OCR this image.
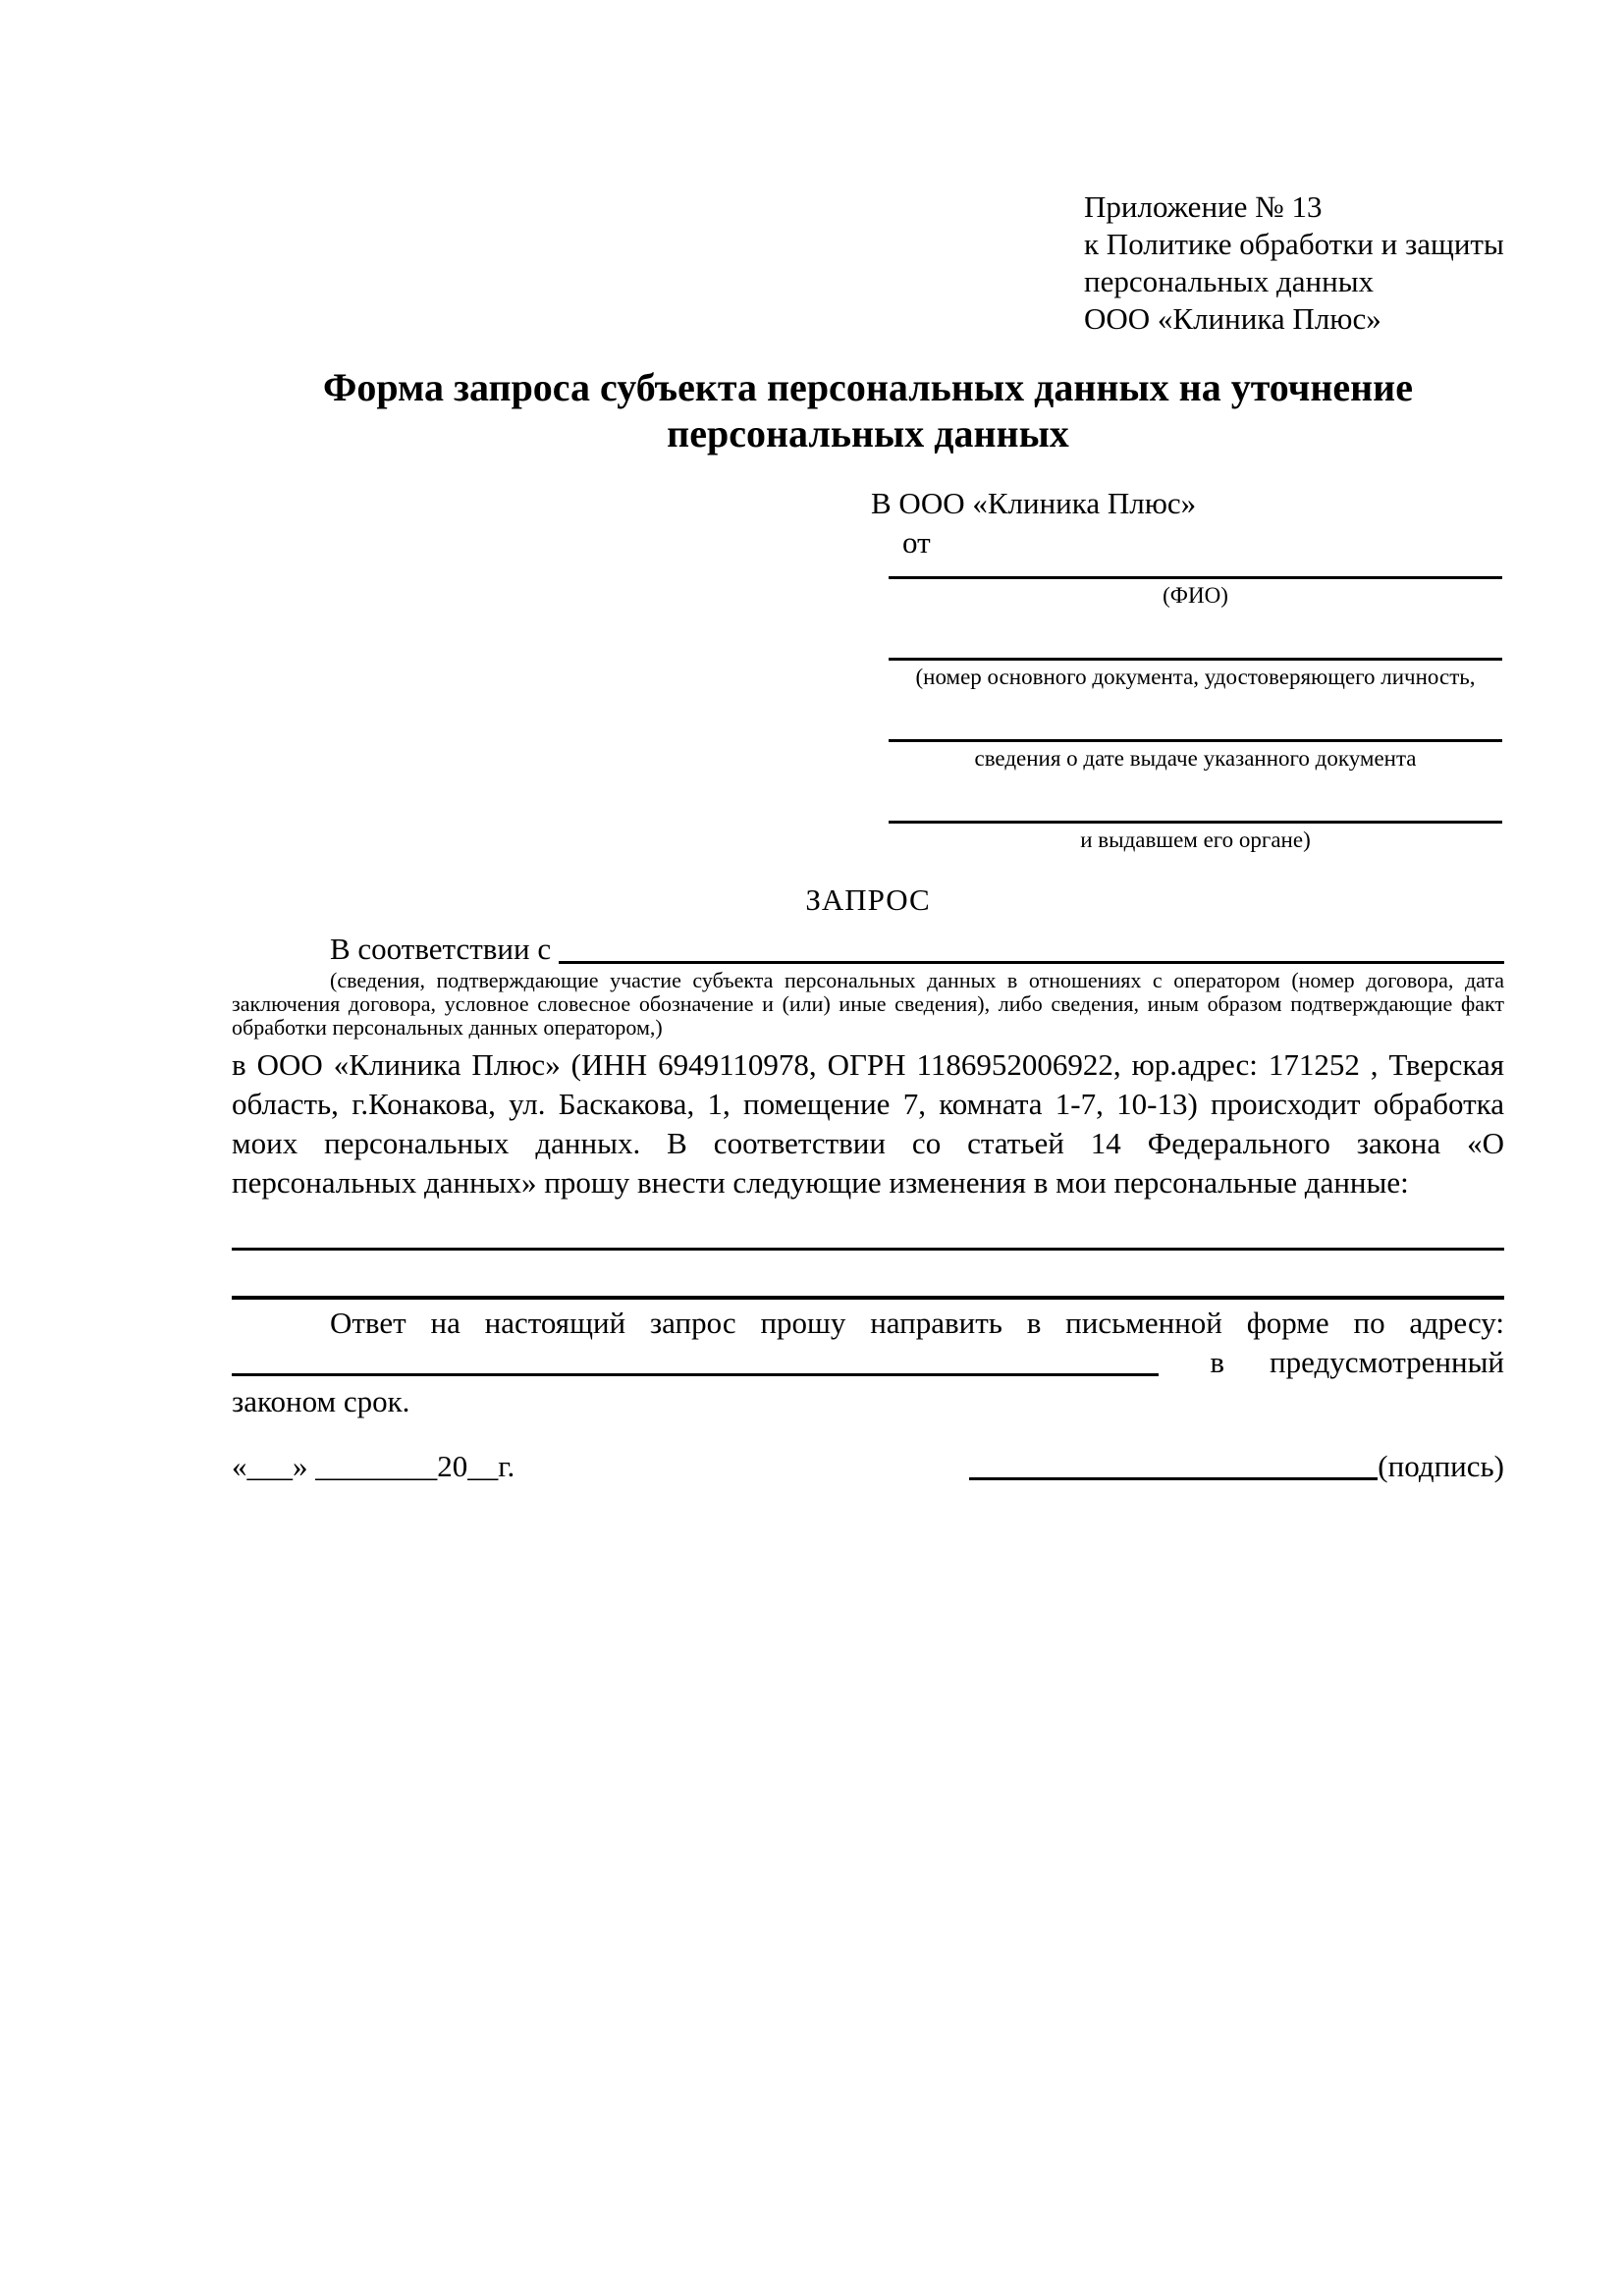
Приложение № 13
к Политике обработки и защиты
персональных данных
ООО «Клиника Плюс»
Форма запроса субъекта персональных данных на уточнение
персональных данных
В ООО «Клиника Плюс»
от
(ФИО)
(номер основного документа, удостоверяющего личность,
сведения о дате выдаче указанного документа
и выдавшем его органе)
ЗАПРОС
В соответствии с
(сведения, подтверждающие участие субъекта персональных данных в отношениях с оператором (номер договора, дата заключения договора, условное словесное обозначение и (или) иные сведения), либо сведения, иным образом подтверждающие факт обработки персональных данных оператором,)
в ООО «Клиника Плюс» (ИНН 6949110978, ОГРН 1186952006922, юр.адрес: 171252 , Тверская область, г.Конакова, ул. Баскакова, 1, помещение 7, комната 1-7, 10-13) происходит обработка моих персональных данных. В соответствии со статьей 14 Федерального закона «О персональных данных» прошу внести следующие изменения в мои персональные данные:
Ответ на настоящий запрос прошу направить в письменной форме по адресу:
в предусмотренный
законом срок.
«___» ________20__г.	(подпись)
